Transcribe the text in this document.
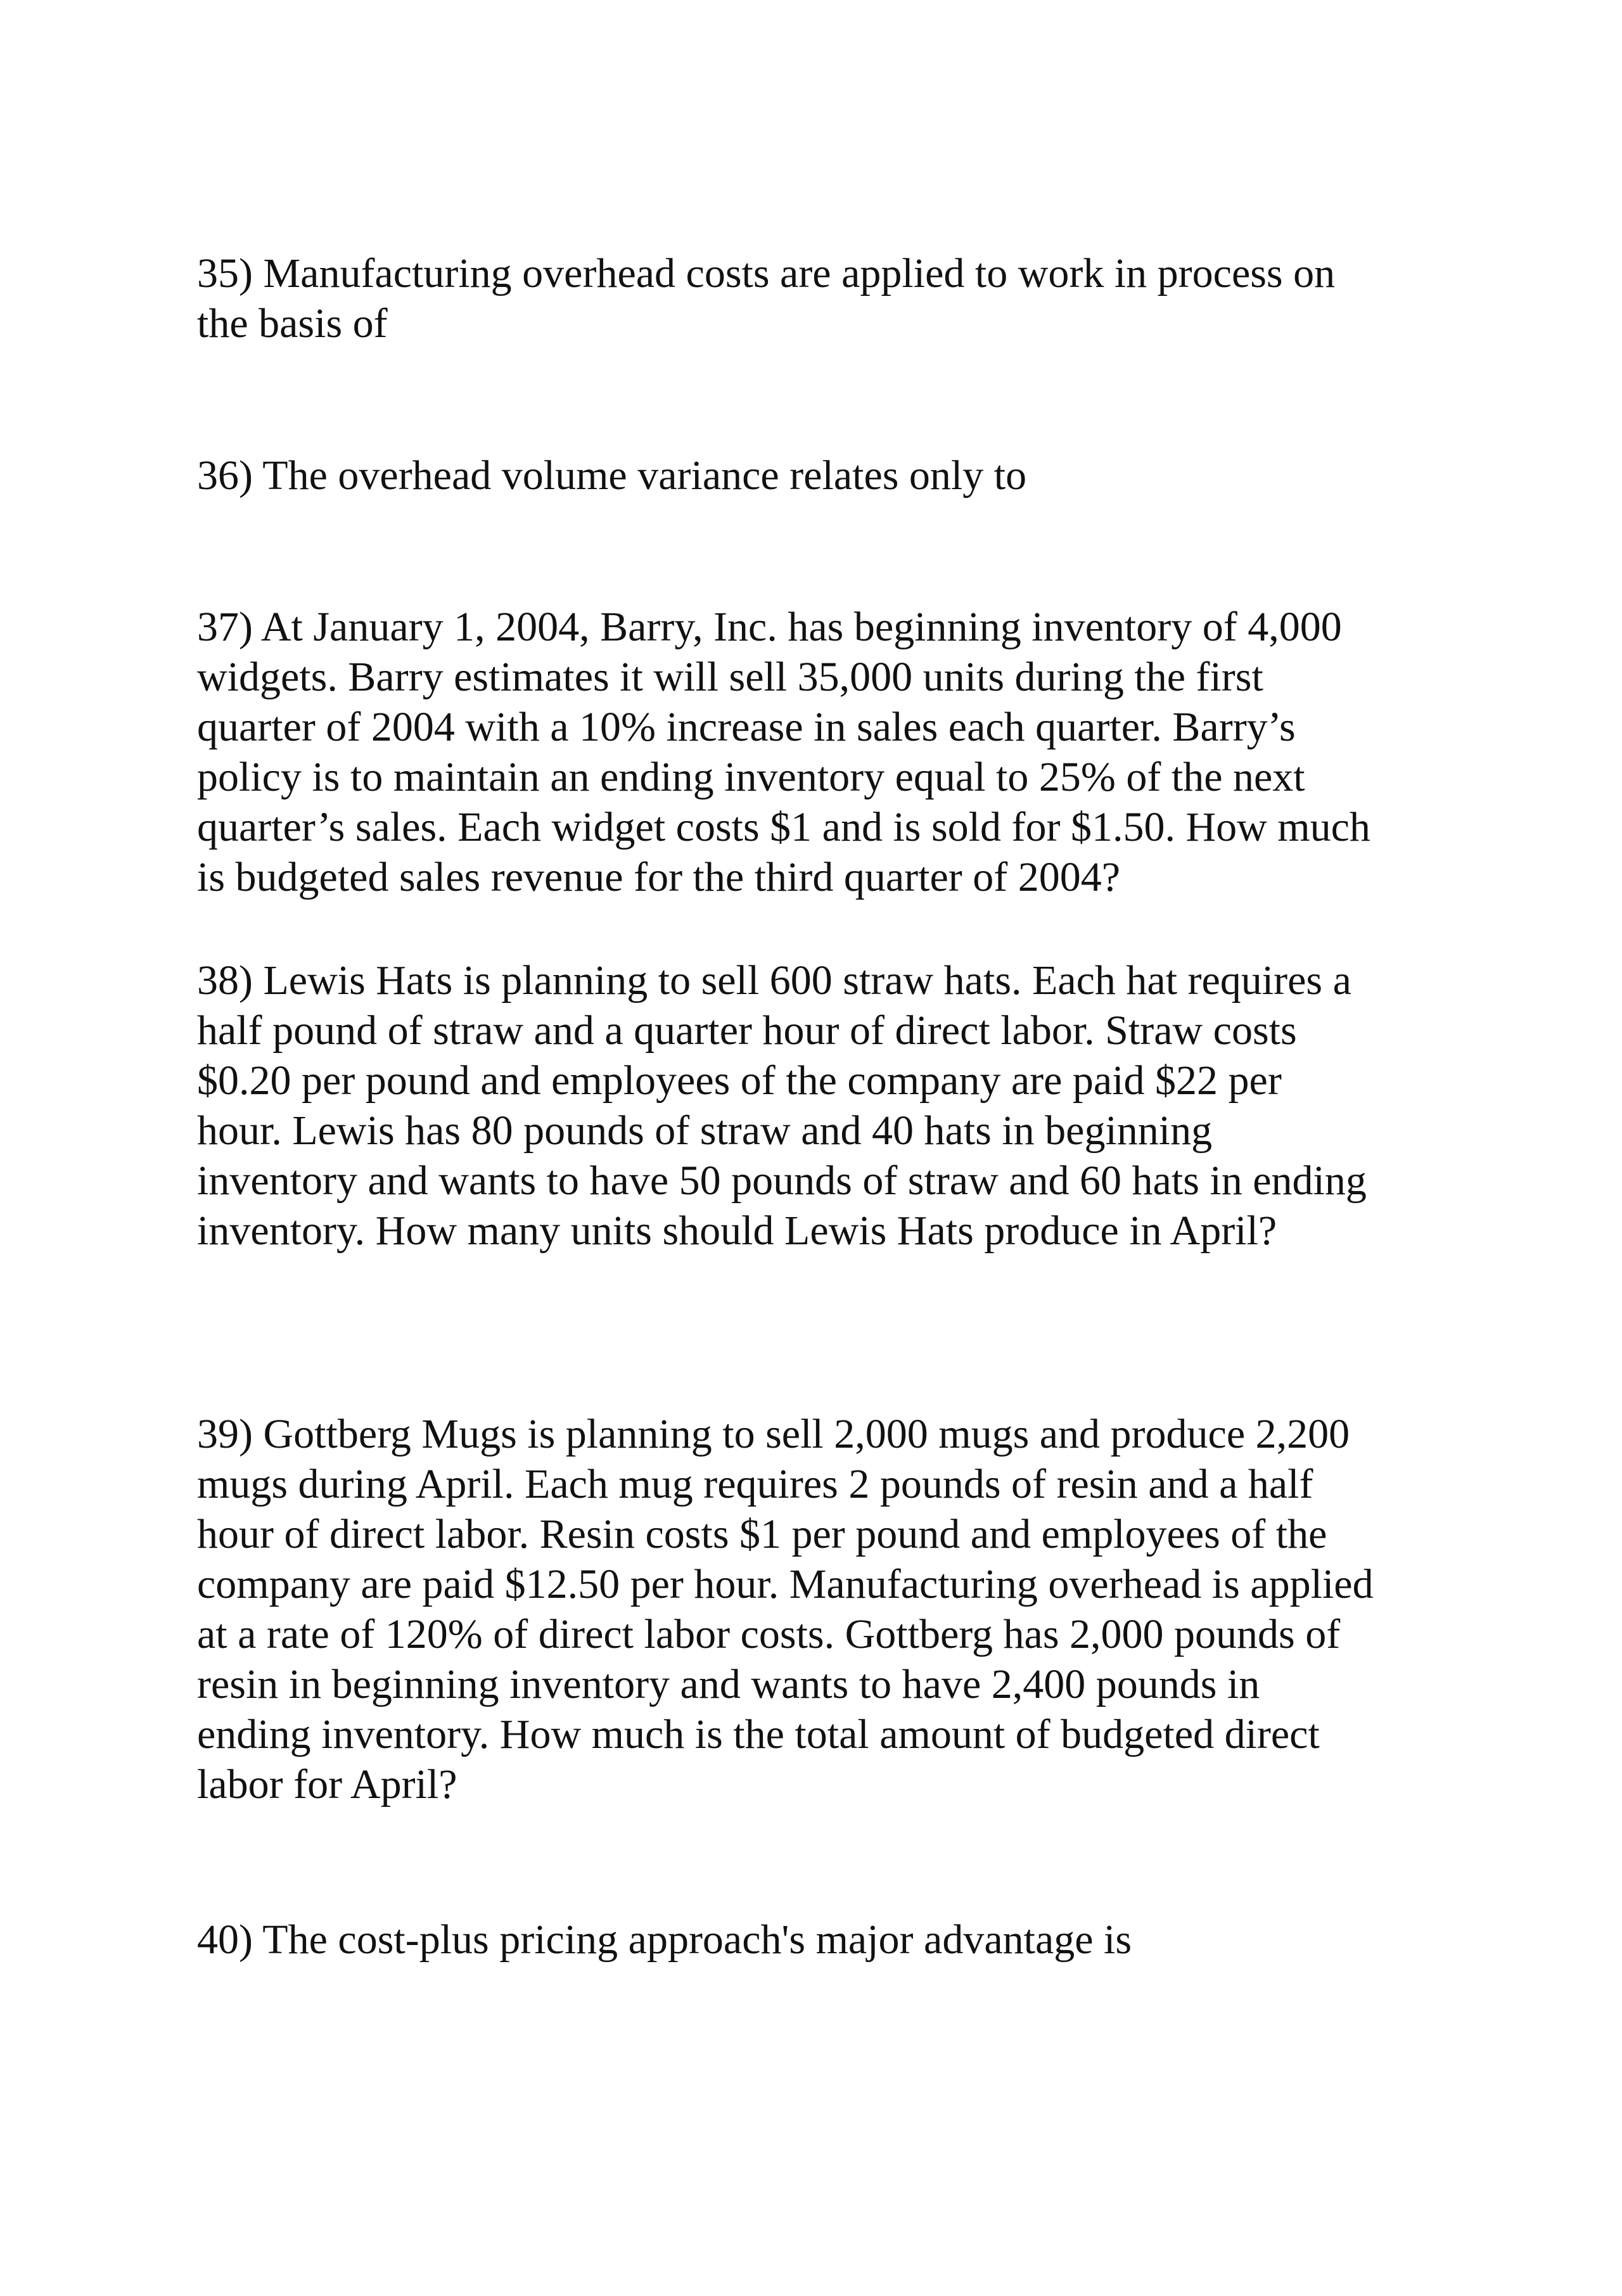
35) Manufacturing overhead costs are applied to work in process on
the basis of

36) The overhead volume variance relates only to

37) At January 1, 2004, Barry, Inc. has beginning inventory of 4,000
widgets. Barry estimates it will sell 35,000 units during the first
quarter of 2004 with a 10% increase in sales each quarter. Barry’s
policy is to maintain an ending inventory equal to 25% of the next
quarter’s sales. Each widget costs $1 and is sold for $1.50. How much
is budgeted sales revenue for the third quarter of 2004?

38) Lewis Hats is planning to sell 600 straw hats. Each hat requires a
half pound of straw and a quarter hour of direct labor. Straw costs
$0.20 per pound and employees of the company are paid $22 per
hour. Lewis has 80 pounds of straw and 40 hats in beginning
inventory and wants to have 50 pounds of straw and 60 hats in ending
inventory. How many units should Lewis Hats produce in April?

39) Gottberg Mugs is planning to sell 2,000 mugs and produce 2,200
mugs during April. Each mug requires 2 pounds of resin and a half
hour of direct labor. Resin costs $1 per pound and employees of the
company are paid $12.50 per hour. Manufacturing overhead is applied
at a rate of 120% of direct labor costs. Gottberg has 2,000 pounds of
resin in beginning inventory and wants to have 2,400 pounds in
ending inventory. How much is the total amount of budgeted direct
labor for April?

40) The cost-plus pricing approach's major advantage is
